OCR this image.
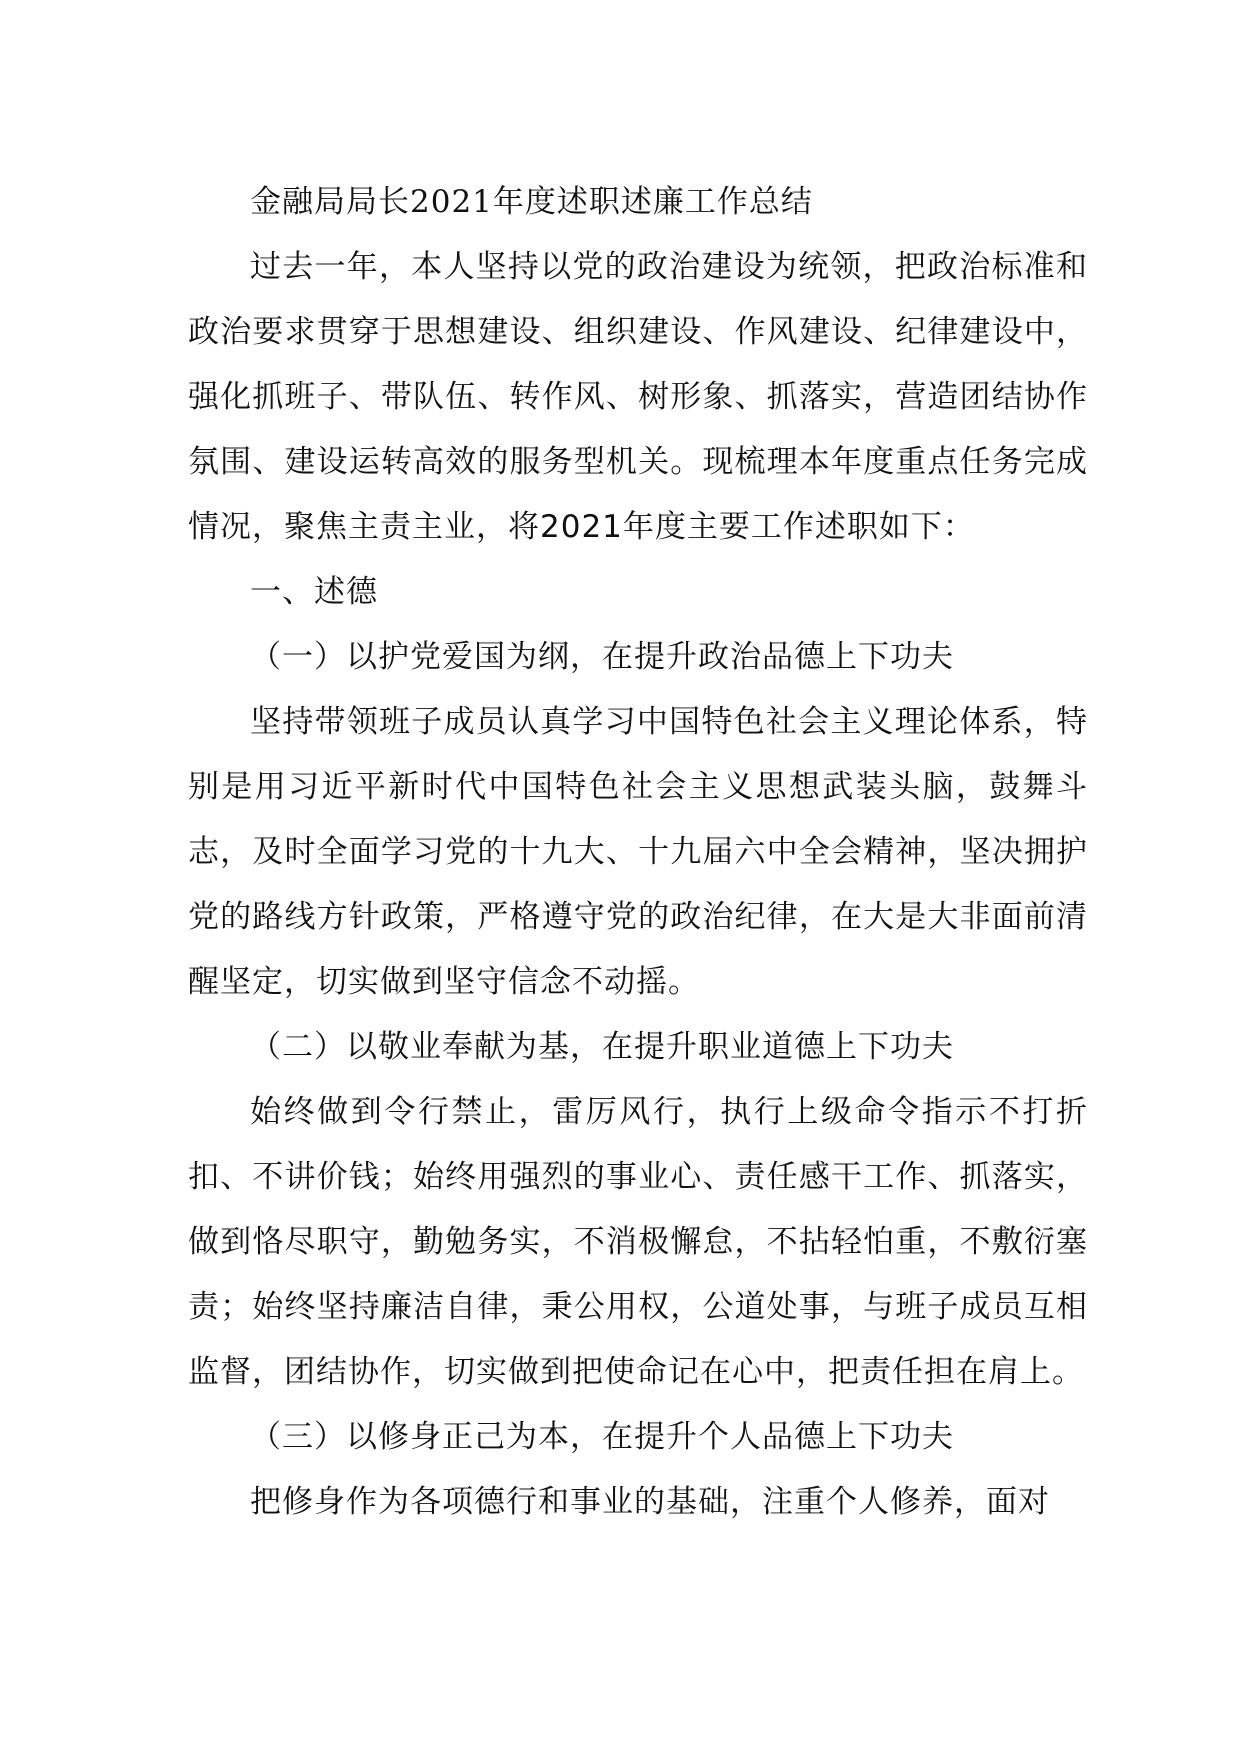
金融局局长2021年度述职述廉工作总结

过去一年，本人坚持以党的政治建设为统领，把政治标准和政治要求贯穿于思想建设、组织建设、作风建设、纪律建设中，强化抓班子、带队伍、转作风、树形象、抓落实，营造团结协作氛围、建设运转高效的服务型机关。现梳理本年度重点任务完成情况，聚焦主责主业，将2021年度主要工作述职如下：

一、述德

（一）以护党爱国为纲，在提升政治品德上下功夫

坚持带领班子成员认真学习中国特色社会主义理论体系，特别是用习近平新时代中国特色社会主义思想武装头脑，鼓舞斗志，及时全面学习党的十九大、十九届六中全会精神，坚决拥护党的路线方针政策，严格遵守党的政治纪律，在大是大非面前清醒坚定，切实做到坚守信念不动摇。

（二）以敬业奉献为基，在提升职业道德上下功夫

始终做到令行禁止，雷厉风行，执行上级命令指示不打折扣、不讲价钱；始终用强烈的事业心、责任感干工作、抓落实，做到恪尽职守，勤勉务实，不消极懈怠，不拈轻怕重，不敷衍塞责；始终坚持廉洁自律，秉公用权，公道处事，与班子成员互相监督，团结协作，切实做到把使命记在心中，把责任担在肩上。

（三）以修身正己为本，在提升个人品德上下功夫

把修身作为各项德行和事业的基础，注重个人修养，面对
